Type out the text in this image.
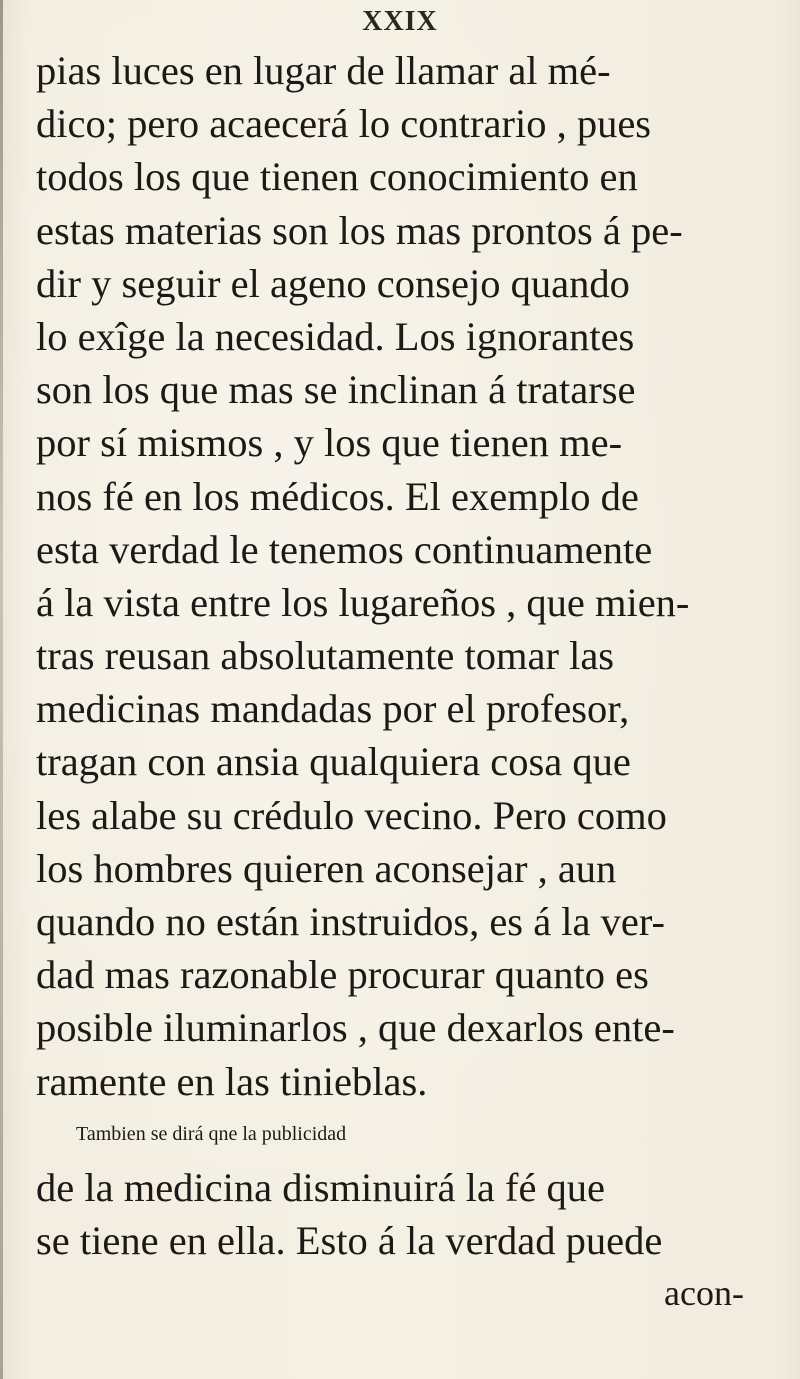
XXIX
pias luces en lugar de llamar al mé-
dico; pero acaecerá lo contrario , pues
todos los que tienen conocimiento en
estas materias son los mas prontos á pe-
dir y seguir el ageno consejo quando
lo exîge la necesidad. Los ignorantes
son los que mas se inclinan á tratarse
por sí mismos , y los que tienen me-
nos fé en los médicos. El exemplo de
esta verdad le tenemos continuamente
á la vista entre los lugareños , que mien-
tras reusan absolutamente tomar las
medicinas mandadas por el profesor,
tragan con ansia qualquiera cosa que
les alabe su crédulo vecino. Pero como
los hombres quieren aconsejar , aun
quando no están instruidos, es á la ver-
dad mas razonable procurar quanto es
posible iluminarlos , que dexarlos ente-
ramente en las tinieblas.
Tambien se dirá qne la publicidad
de la medicina disminuirá la fé que
se tiene en ella. Esto á la verdad puede
acon-
